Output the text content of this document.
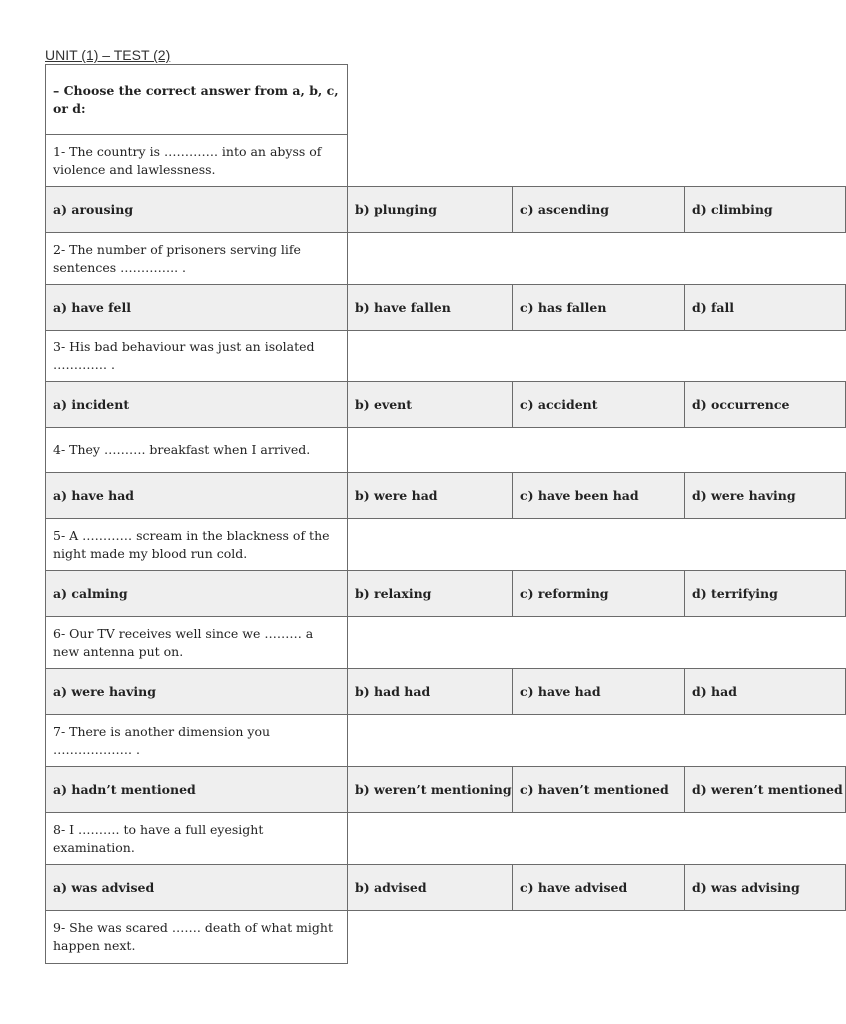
UNIT (1) – TEST (2)
– Choose the correct answer from a, b, c, or d:			
1- The country is …………. into an abyss of violence and lawlessness.			
a) arousing	b) plunging	c) ascending	d) climbing
2- The number of prisoners serving life sentences ………….. .			
a) have fell	b) have fallen	c) has fallen	d) fall
3- His bad behaviour was just an isolated …………. .			
a) incident	b) event	c) accident	d) occurrence
4- They ………. breakfast when I arrived.			
a) have had	b) were had	c) have been had	d) were having
5- A ………… scream in the blackness of the night made my blood run cold.			
a) calming	b) relaxing	c) reforming	d) terrifying
6- Our TV receives well since we ……… a new antenna put on.			
a) were having	b) had had	c) have had	d) had
7- There is another dimension you ………………. .			
a) hadn’t mentioned	b) weren’t mentioning	c) haven’t mentioned	d) weren’t mentioned
8- I ………. to have a full eyesight examination.			
a) was advised	b) advised	c) have advised	d) was advising
9- She was scared ……. death of what might happen next.			
